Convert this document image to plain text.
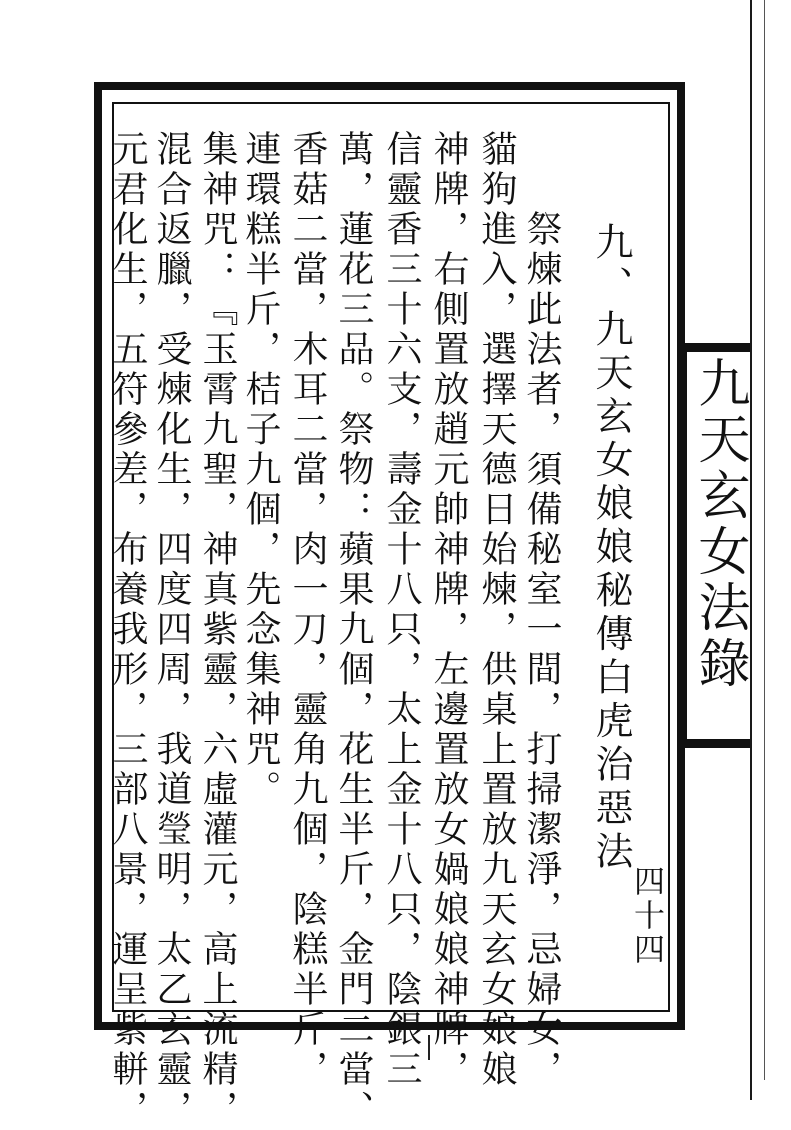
九天玄女法錄
九、九天玄女娘娘秘傳白虎治惡法
四十四
　祭煉此法者，須備秘室一間，打掃潔淨，忌婦女，
貓狗進入，選擇天德日始煉，供桌上置放九天玄女娘娘
神牌，右側置放趙元帥神牌，左邊置放女媧娘娘神牌，
信靈香三十六支，壽金十八只，太上金十八只，陰銀三
萬，蓮花三品。祭物：蘋果九個，花生半斤，金門二當、
香菇二當，木耳二當，肉一刀，靈角九個，陰糕半斤，
連環糕半斤，桔子九個，先念集神咒。
集神咒：『玉霄九聖，神真紫靈，六虛灌元，高上流精，
混合返臘，受煉化生，四度四周，我道瑩明，太乙玄靈，
元君化生，五符參差，布養我形，三部八景，運呈紫軿，
